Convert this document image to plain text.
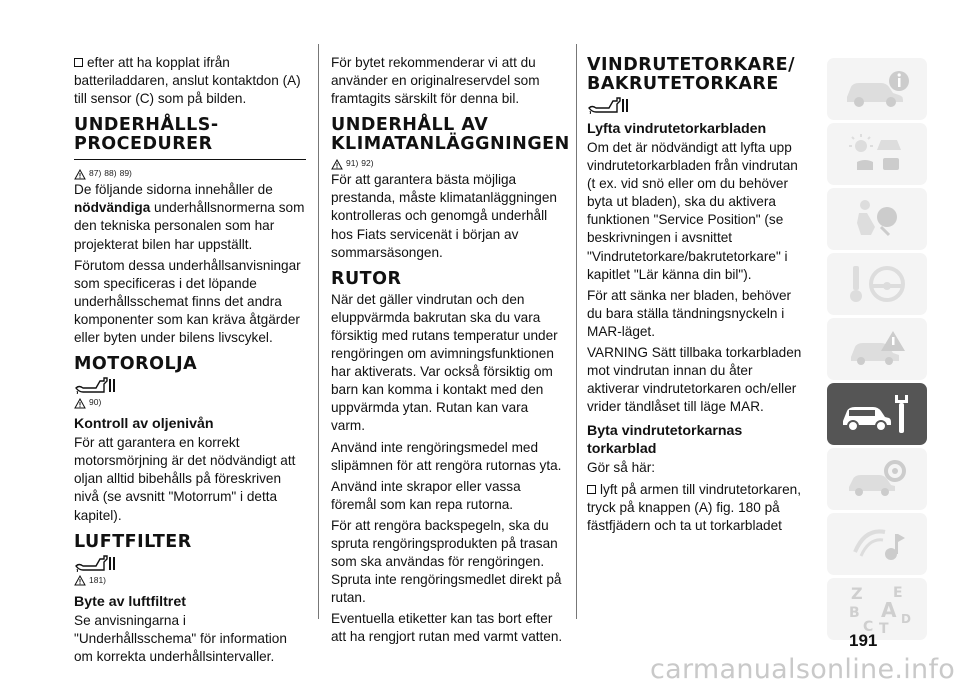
efter att ha kopplat ifrån batteriladdaren, anslut kontaktdon (A) till sensor (C) som på bilden.

UNDERHÅLLS-PROCEDURER
87) 88) 89)

De följande sidorna innehåller de nödvändiga underhållsnormerna som den tekniska personalen som har projekterat bilen har uppställt.

Förutom dessa underhållsanvisningar som specificeras i det löpande underhållsschemat finns det andra komponenter som kan kräva åtgärder eller byten under bilens livscykel.

MOTOROLJA
90)
Kontroll av oljenivån

För att garantera en korrekt motorsmörjning är det nödvändigt att oljan alltid bibehålls på föreskriven nivå (se avsnitt "Motorrum" i detta kapitel).

LUFTFILTER
181)
Byte av luftfiltret

Se anvisningarna i "Underhållsschema" för information om korrekta underhållsintervaller.

För bytet rekommenderar vi att du använder en originalreservdel som framtagits särskilt för denna bil.

UNDERHÅLL AV KLIMATANLÄGGNINGEN
91) 92)

För att garantera bästa möjliga prestanda, måste klimatanläggningen kontrolleras och genomgå underhåll hos Fiats servicenät i början av sommarsäsongen.

RUTOR

När det gäller vindrutan och den eluppvärmda bakrutan ska du vara försiktig med rutans temperatur under rengöringen om avimningsfunktionen har aktiverats. Var också försiktig om barn kan komma i kontakt med den uppvärmda ytan. Rutan kan vara varm.

Använd inte rengöringsmedel med slipämnen för att rengöra rutornas yta.

Använd inte skrapor eller vassa föremål som kan repa rutorna.

För att rengöra backspegeln, ska du spruta rengöringsprodukten på trasan som ska användas för rengöringen. Spruta inte rengöringsmedlet direkt på rutan.

Eventuella etiketter kan tas bort efter att ha rengjort rutan med varmt vatten.

VINDRUTETORKARE/ BAKRUTETORKARE
Lyfta vindrutetorkarbladen

Om det är nödvändigt att lyfta upp vindrutetorkarbladen från vindrutan (t ex. vid snö eller om du behöver byta ut bladen), ska du aktivera funktionen "Service Position" (se beskrivningen i avsnittet "Vindrutetorkare/bakrutetorkare" i kapitlet "Lär känna din bil").

För att sänka ner bladen, behöver du bara ställa tändningsnyckeln i MAR-läget.

VARNING Sätt tillbaka torkarbladen mot vindrutan innan du åter aktiverar vindrutetorkaren och/eller vrider tändlåset till läge MAR.

Byta vindrutetorkarnas torkarblad

Gör så här:

lyft på armen till vindrutetorkaren, tryck på knappen (A) fig. 180 på fästfjädern och ta ut torkarbladet

Z E
B A D
C T
191
carmanualsonline.info
